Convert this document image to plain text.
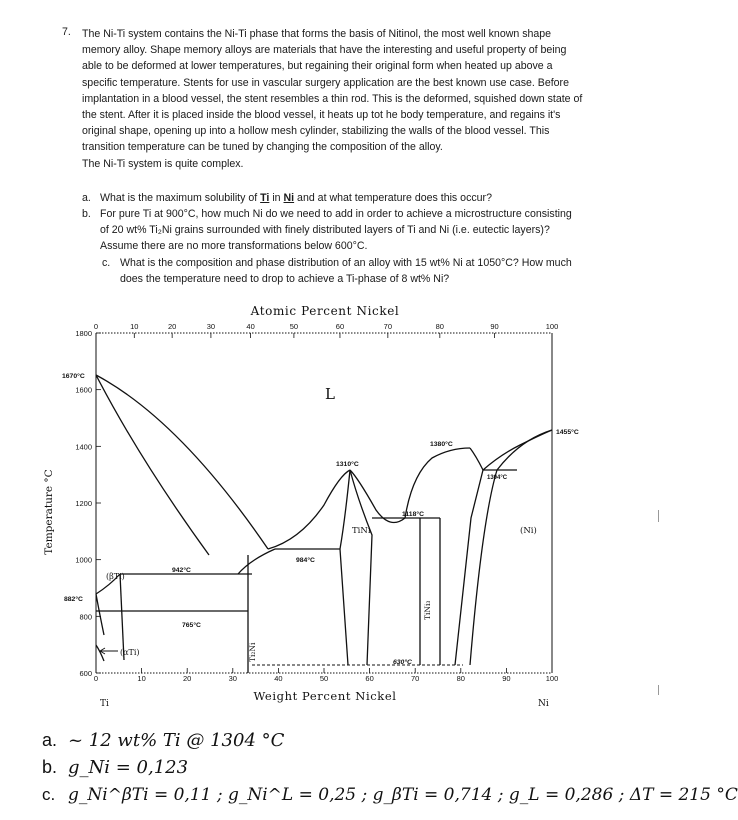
7. The Ni-Ti system contains the Ni-Ti phase that forms the basis of Nitinol, the most well known shape memory alloy. Shape memory alloys are materials that have the interesting and useful property of being able to be deformed at lower temperatures, but regaining their original form when heated up above a specific temperature. Stents for use in vascular surgery application are the best known use case. Before implantation in a blood vessel, the stent resembles a thin rod. This is the deformed, squished down state of the stent. After it is placed inside the blood vessel, it heats up tot he body temperature, and regains it's original shape, opening up into a hollow mesh cylinder, stabilizing the walls of the blood vessel. This transition temperature can be tuned by changing the composition of the alloy.

The Ni-Ti system is quite complex.

a. What is the maximum solubility of Ti in Ni and at what temperature does this occur?
b. For pure Ti at 900°C, how much Ni do we need to add in order to achieve a microstructure consisting of 20 wt% Ti₂Ni grains surrounded with finely distributed layers of Ti and Ni (i.e. eutectic layers)? Assume there are no more transformations below 600°C.
c. What is the composition and phase distribution of an alloy with 15 wt% Ni at 1050°C? How much does the temperature need to drop to achieve a Ti-phase of 8 wt% Ni?
Atomic Percent Nickel
Weight Percent Nickel
Temperature °C
0	10	20	30	40	50	60	70	80	90	100
0	10	20	30	40	50	60	70	80	90	100
1800
1600
1400
1200
1000
800
600
Ti	Ni
1670°C
1455°C
1380°C
1304°C
1310°C
1118°C
984°C
942°C
882°C
765°C
630°C
L
(βTi)
(αTi)	Ti₂Ni
TiNi
TiNi₃
(Ni)
a. ~ 12 wt% Ti @ 1304 °C
b. g_Ni = 0,123
c. g_Ni^βTi = 0,11 ; g_Ni^L = 0,25 ; g_βTi = 0,714 ; g_L = 0,286 ; ΔT = 215 °C
